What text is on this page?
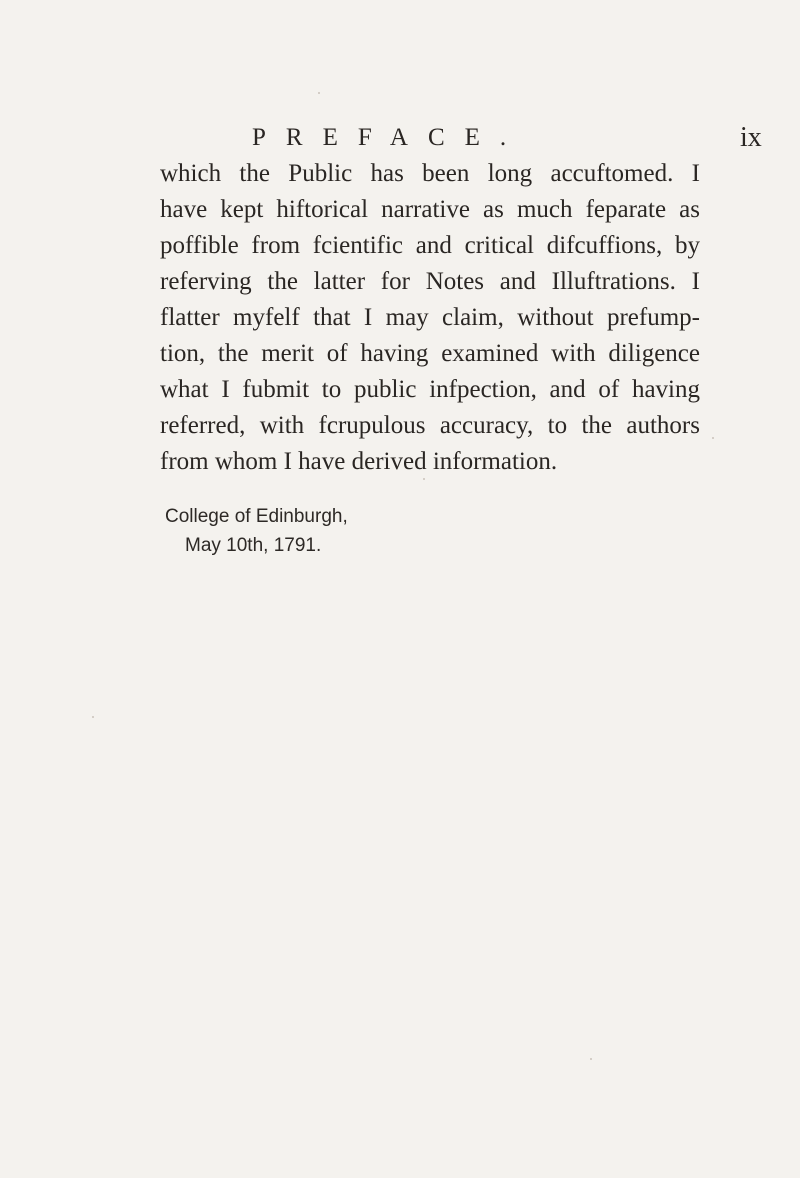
PREFACE.	ix
which the Public has been long accuftomed. I
have kept hiftorical narrative as much feparate as
poffible from fcientific and critical difcuffions, by
referving the latter for Notes and Illuftrations. I
flatter myfelf that I may claim, without prefump-
tion, the merit of having examined with diligence
what I fubmit to public infpection, and of having
referred, with fcrupulous accuracy, to the authors
from whom I have derived information.
College of Edinburgh,
May 10th, 1791.
